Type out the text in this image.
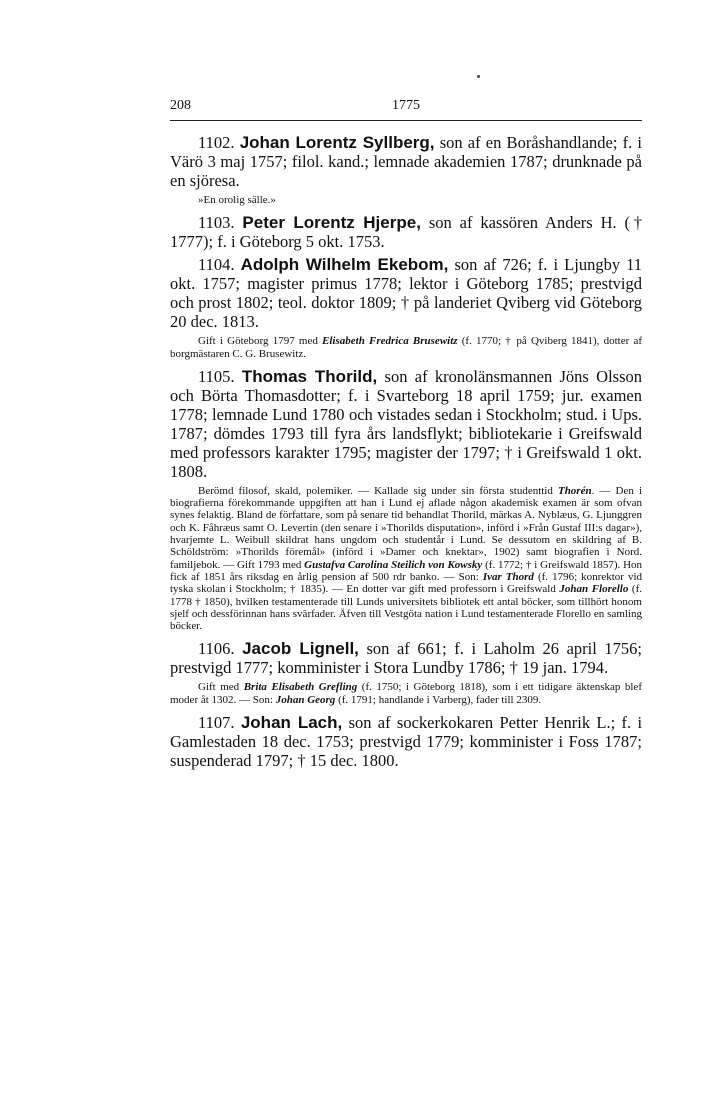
208	1775

1102. Johan Lorentz Syllberg, son af en Boråshandlande; f. i Värö 3 maj 1757; filol. kand.; lemnade akademien 1787; drunknade på en sjöresa.

»En orolig sälle.»

1103. Peter Lorentz Hjerpe, son af kassören Anders H. († 1777); f. i Göteborg 5 okt. 1753.

1104. Adolph Wilhelm Ekebom, son af 726; f. i Ljungby 11 okt. 1757; magister primus 1778; lektor i Göteborg 1785; prestvigd och prost 1802; teol. doktor 1809; † på landeriet Qviberg vid Göteborg 20 dec. 1813.

Gift i Göteborg 1797 med Elisabeth Fredrica Brusewitz (f. 1770; † på Qviberg 1841), dotter af borgmästaren C. G. Brusewitz.

1105. Thomas Thorild, son af kronolänsmannen Jöns Olsson och Börta Thomasdotter; f. i Svarteborg 18 april 1759; jur. examen 1778; lemnade Lund 1780 och vistades sedan i Stockholm; stud. i Ups. 1787; dömdes 1793 till fyra års landsflykt; bibliotekarie i Greifswald med professors karakter 1795; magister der 1797; † i Greifswald 1 okt. 1808.

Berömd filosof, skald, polemiker. — Kallade sig under sin första studenttid Thorén. — Den i biografierna förekommande uppgiften att han i Lund ej aflade någon akademisk examen är som ofvan synes felaktig. Bland de författare, som på senare tid behandlat Thorild, märkas A. Nyblæus, G. Ljunggren och K. Fåhræus samt O. Levertin (den senare i »Thorilds disputation», införd i »Från Gustaf III:s dagar»), hvarjemte L. Weibull skildrat hans ungdom och studentår i Lund. Se dessutom en skildring af B. Schöldström: »Thorilds föremål» (införd i »Damer och knektar», 1902) samt biografien i Nord. familjebok. — Gift 1793 med Gustafva Carolina Steilich von Kowsky (f. 1772; † i Greifswald 1857). Hon fick af 1851 års riksdag en årlig pension af 500 rdr banko. — Son: Ivar Thord (f. 1796; konrektor vid tyska skolan i Stockholm; † 1835). — En dotter var gift med professorn i Greifswald Johan Florello (f. 1778 † 1850), hvilken testamenterade till Lunds universitets bibliotek ett antal böcker, som tillhört honom sjelf och dessförinnan hans svärfader. Äfven till Vestgöta nation i Lund testamenterade Florello en samling böcker.

1106. Jacob Lignell, son af 661; f. i Laholm 26 april 1756; prestvigd 1777; komminister i Stora Lundby 1786; † 19 jan. 1794.

Gift med Brita Elisabeth Grefling (f. 1750; i Göteborg 1818), som i ett tidigare äktenskap blef moder åt 1302. — Son: Johan Georg (f. 1791; handlande i Varberg), fader till 2309.

1107. Johan Lach, son af sockerkokaren Petter Henrik L.; f. i Gamlestaden 18 dec. 1753; prestvigd 1779; komminister i Foss 1787; suspenderad 1797; † 15 dec. 1800.
